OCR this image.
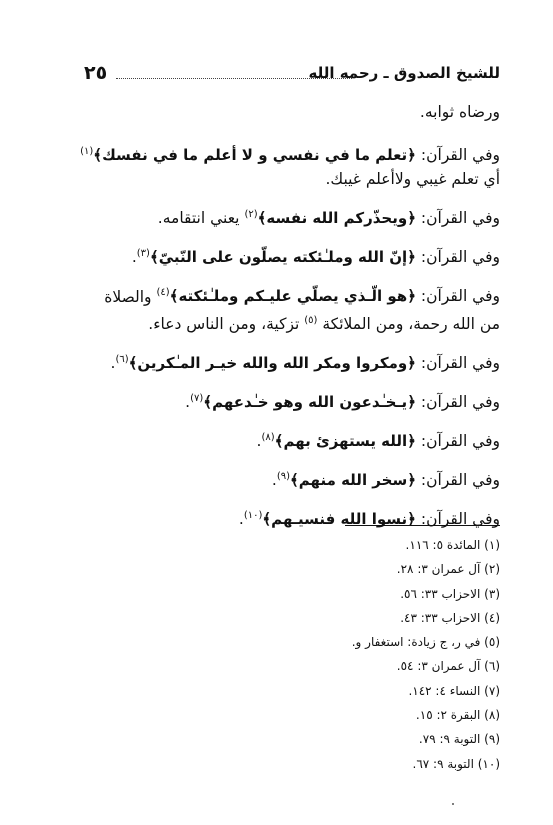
٢٥	للشيخ الصدوق ـ رحمه الله

ورضاه ثوابه.

وفي القرآن: ﴿تعلم ما في نفسي و لا أعلم ما في نفسك﴾$^{(١)}$ أي تعلم غيبي ولاأعلم غيبك.

وفي القرآن: ﴿ويحذّركم الله نفسه﴾$^{(٢)}$ يعني انتقامه.

وفي القرآن: ﴿إنّ الله وملـٰئكته يصلّون على النّبيّ﴾$^{(٣)}$.

وفي القرآن: ﴿هو الّـذي يصلّي عليـكم وملـٰئكته﴾$^{(٤)}$ والصلاة من الله رحمة، ومن الملائكة $^{(٥)}$ تزكية، ومن الناس دعاء.

وفي القرآن: ﴿ومكروا ومكر الله والله خيـر المـٰكرين﴾$^{(٦)}$.

وفي القرآن: ﴿يـخـٰدعون الله وهو خـٰدعهم﴾$^{(٧)}$.

وفي القرآن: ﴿الله يستهزئ بهم﴾$^{(٨)}$.

وفي القرآن: ﴿سخر الله منهم﴾$^{(٩)}$.

وفي القرآن: ﴿نسوا الله فنسيـهم﴾$^{(١٠)}$.

(١) المائدة ٥: ١١٦.
(٢) آل عمران ٣: ٢٨.
(٣) الاحزاب ٣٣: ٥٦.
(٤) الاحزاب ٣٣: ٤٣.
(٥) في ر، ج زيادة: استغفار و.
(٦) آل عمران ٣: ٥٤.
(٧) النساء ٤: ١٤٢.
(٨) البقرة ٢: ١٥.
(٩) التوبة ٩: ٧٩.
(١٠) التوبة ٩: ٦٧.
